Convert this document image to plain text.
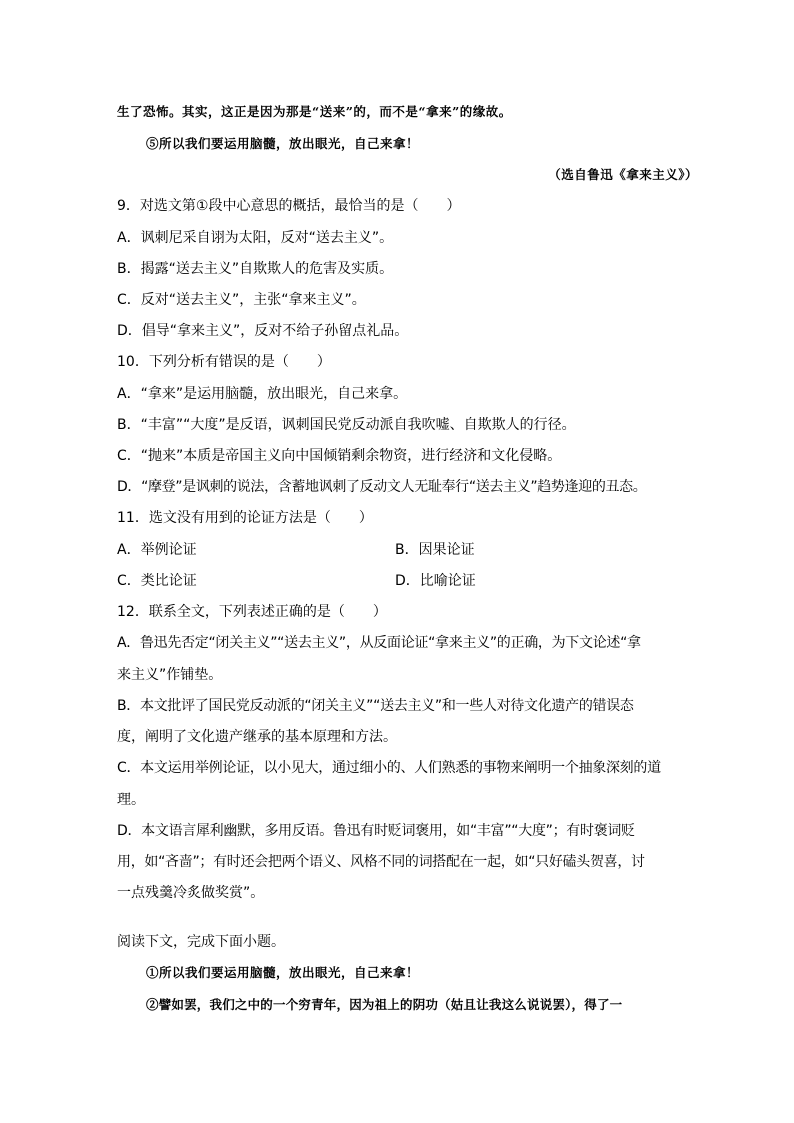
生了恐怖。其实，这正是因为那是“送来”的，而不是“拿来”的缘故。
⑤所以我们要运用脑髓，放出眼光，自己来拿！
（选自鲁迅《拿来主义》）
9．对选文第①段中心意思的概括，最恰当的是（　　）
A．讽刺尼采自诩为太阳，反对“送去主义”。
B．揭露“送去主义”自欺欺人的危害及实质。
C．反对“送去主义”，主张“拿来主义”。
D．倡导“拿来主义”，反对不给子孙留点礼品。
10．下列分析有错误的是（　　）
A．“拿来”是运用脑髓，放出眼光，自己来拿。
B．“丰富”“大度”是反语，讽刺国民党反动派自我吹嘘、自欺欺人的行径。
C．“抛来”本质是帝国主义向中国倾销剩余物资，进行经济和文化侵略。
D．“摩登”是讽刺的说法，含蓄地讽刺了反动文人无耻奉行“送去主义”趋势逢迎的丑态。
11．选文没有用到的论证方法是（　　）
A．举例论证	B．因果论证
C．类比论证	D．比喻论证
12．联系全文，下列表述正确的是（　　）
A．鲁迅先否定“闭关主义”“送去主义”，从反面论证“拿来主义”的正确，为下文论述“拿
来主义”作铺垫。
B．本文批评了国民党反动派的“闭关主义”“送去主义”和一些人对待文化遗产的错误态
度，阐明了文化遗产继承的基本原理和方法。
C．本文运用举例论证，以小见大，通过细小的、人们熟悉的事物来阐明一个抽象深刻的道
理。
D．本文语言犀利幽默，多用反语。鲁迅有时贬词褒用，如“丰富”“大度”；有时褒词贬
用，如“吝啬”；有时还会把两个语义、风格不同的词搭配在一起，如“只好磕头贺喜，讨
一点残羹冷炙做奖赏”。
阅读下文，完成下面小题。
①所以我们要运用脑髓，放出眼光，自己来拿！
②譬如罢，我们之中的一个穷青年，因为祖上的阴功（姑且让我这么说说罢），得了一
